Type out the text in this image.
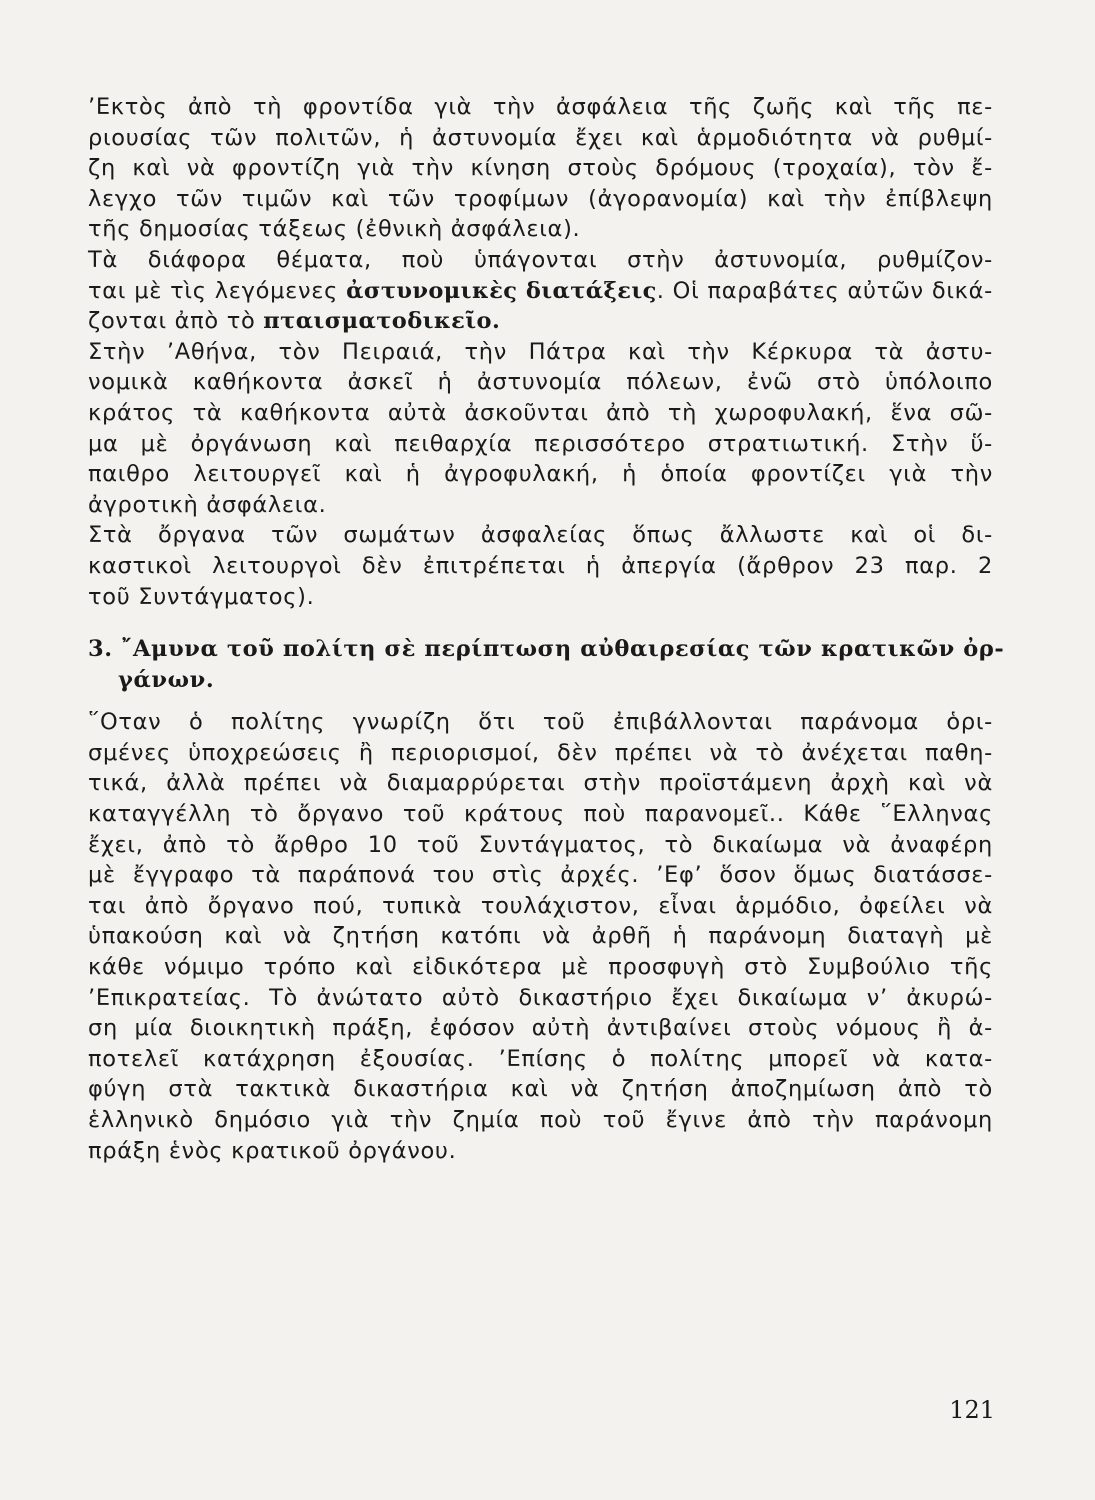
’Εκτὸς ἀπὸ τὴ φροντίδα γιὰ τὴν ἀσφάλεια τῆς ζωῆς καὶ τῆς πε-
ριουσίας τῶν πολιτῶν, ἡ ἀστυνομία ἔχει καὶ ἁρμοδιότητα νὰ ρυθμί-
ζη καὶ νὰ φροντίζη γιὰ τὴν κίνηση στοὺς δρόμους (τροχαία), τὸν ἔ-
λεγχο τῶν τιμῶν καὶ τῶν τροφίμων (ἀγορανομία) καὶ τὴν ἐπίβλεψη
τῆς δημοσίας τάξεως (ἐθνικὴ ἀσφάλεια).
Τὰ διάφορα θέματα, ποὺ ὑπάγονται στὴν ἀστυνομία, ρυθμίζον-
ται μὲ τὶς λεγόμενες ἀστυνομικὲς διατάξεις. Οἱ παραβάτες αὐτῶν δικά-
ζονται ἀπὸ τὸ πταισματοδικεῖο.
Στὴν ’Αθήνα, τὸν Πειραιά, τὴν Πάτρα καὶ τὴν Κέρκυρα τὰ ἀστυ-
νομικὰ καθήκοντα ἀσκεῖ ἡ ἀστυνομία πόλεων, ἐνῶ στὸ ὑπόλοιπο
κράτος τὰ καθήκοντα αὐτὰ ἀσκοῦνται ἀπὸ τὴ χωροφυλακή, ἕνα σῶ-
μα μὲ ὀργάνωση καὶ πειθαρχία περισσότερο στρατιωτική. Στὴν ὕ-
παιθρο λειτουργεῖ καὶ ἡ ἀγροφυλακή, ἡ ὁποία φροντίζει γιὰ τὴν
ἀγροτικὴ ἀσφάλεια.
Στὰ ὄργανα τῶν σωμάτων ἀσφαλείας ὅπως ἄλλωστε καὶ οἱ δι-
καστικοὶ λειτουργοὶ δὲν ἐπιτρέπεται ἡ ἀπεργία (ἄρθρον 23 παρ. 2
τοῦ Συντάγματος).
3. ῎Αμυνα τοῦ πολίτη σὲ περίπτωση αὐθαιρεσίας τῶν κρατικῶν ὀρ-
γάνων.
῞Οταν ὁ πολίτης γνωρίζη ὅτι τοῦ ἐπιβάλλονται παράνομα ὁρι-
σμένες ὑποχρεώσεις ἢ περιορισμοί, δὲν πρέπει νὰ τὸ ἀνέχεται παθη-
τικά, ἀλλὰ πρέπει νὰ διαμαρρύρεται στὴν προϊστάμενη ἀρχὴ καὶ νὰ
καταγγέλλη τὸ ὄργανο τοῦ κράτους ποὺ παρανομεῖ.. Κάθε ῞Ελληνας
ἔχει, ἀπὸ τὸ ἄρθρο 10 τοῦ Συντάγματος, τὸ δικαίωμα νὰ ἀναφέρη
μὲ ἔγγραφο τὰ παράπονά του στὶς ἀρχές. ’Εφ’ ὅσον ὅμως διατάσσε-
ται ἀπὸ ὄργανο πού, τυπικὰ τουλάχιστον, εἶναι ἁρμόδιο, ὀφείλει νὰ
ὑπακούση καὶ νὰ ζητήση κατόπι νὰ ἀρθῆ ἡ παράνομη διαταγὴ μὲ
κάθε νόμιμο τρόπο καὶ εἰδικότερα μὲ προσφυγὴ στὸ Συμβούλιο τῆς
’Επικρατείας. Τὸ ἀνώτατο αὐτὸ δικαστήριο ἔχει δικαίωμα ν’ ἀκυρώ-
ση μία διοικητικὴ πράξη, ἐφόσον αὐτὴ ἀντιβαίνει στοὺς νόμους ἢ ἀ-
ποτελεῖ κατάχρηση ἐξουσίας. ’Επίσης ὁ πολίτης μπορεῖ νὰ κατα-
φύγη στὰ τακτικὰ δικαστήρια καὶ νὰ ζητήση ἀποζημίωση ἀπὸ τὸ
ἑλληνικὸ δημόσιο γιὰ τὴν ζημία ποὺ τοῦ ἔγινε ἀπὸ τὴν παράνομη
πράξη ἑνὸς κρατικοῦ ὀργάνου.
121
